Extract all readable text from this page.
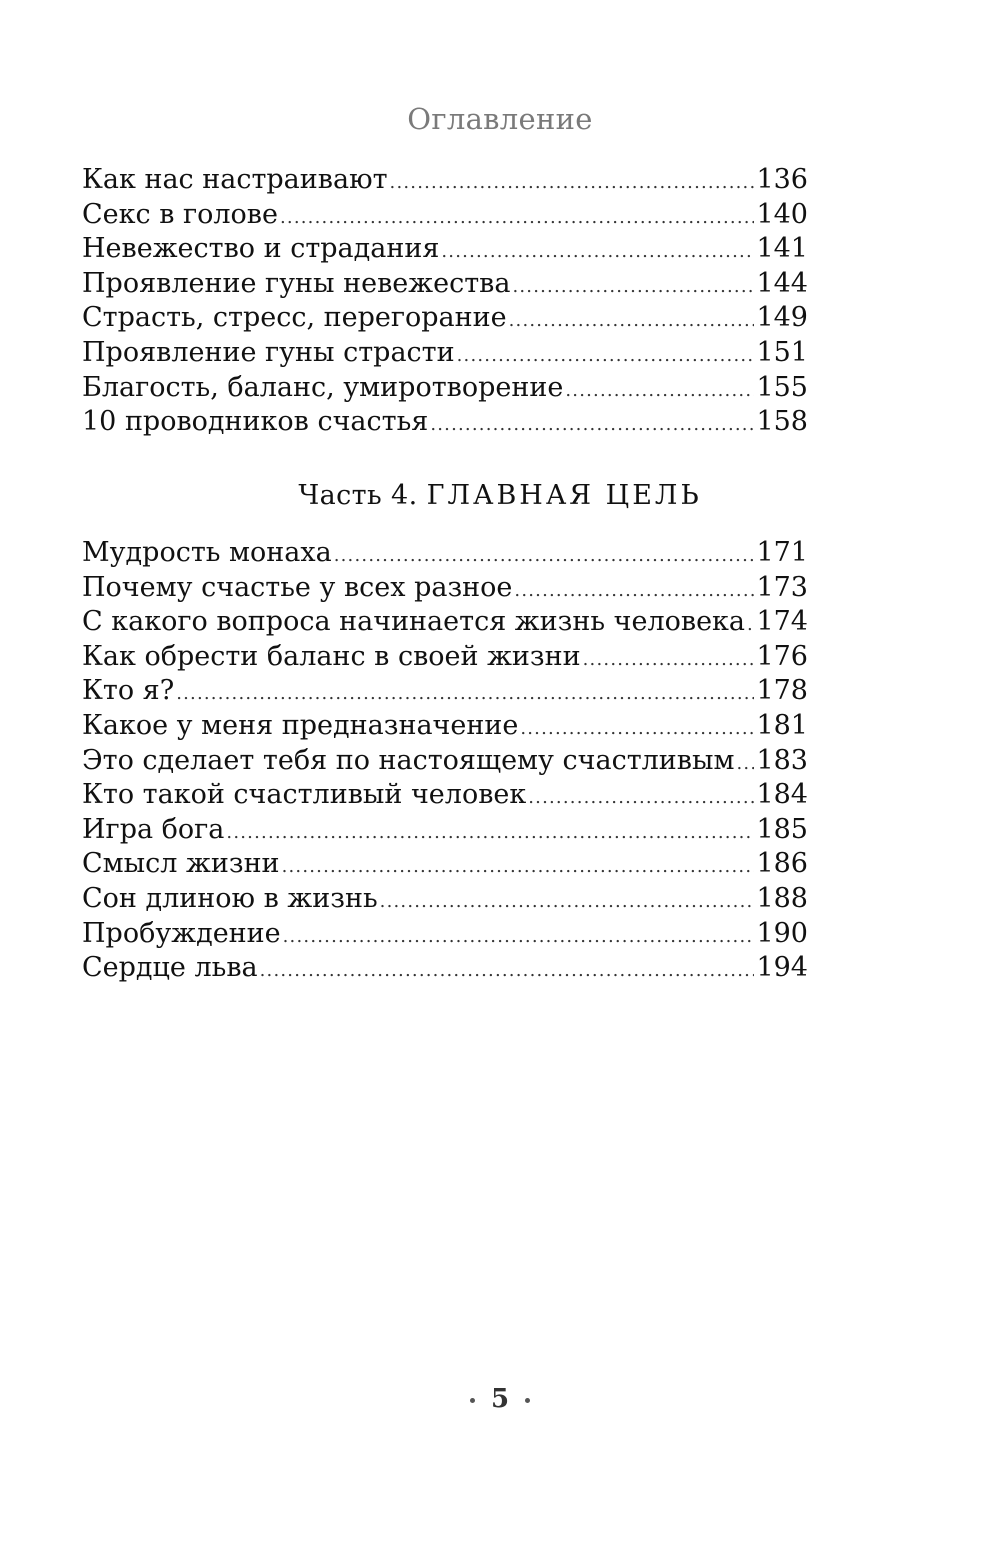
Оглавление
Как нас настраивают .....	136
Секс в голове .....	140
Невежество и страдания .....	141
Проявление гуны невежества .....	144
Страсть, стресс, перегорание .....	149
Проявление гуны страсти .....	151
Благость, баланс, умиротворение .....	155
10 проводников счастья .....	158
Часть 4. ГЛАВНАЯ ЦЕЛЬ
Мудрость монаха .....	171
Почему счастье у всех разное .....	173
С какого вопроса начинается жизнь человека ..... 174
Как обрести баланс в своей жизни .....	176
Кто я? .....	178
Какое у меня предназначение .....	181
Это сделает тебя по настоящему счастливым ..... 183
Кто такой счастливый человек .....	184
Игра бога .....	185
Смысл жизни .....	186
Сон длиною в жизнь .....	188
Пробуждение .....	190
Сердце льва .....	194
5
